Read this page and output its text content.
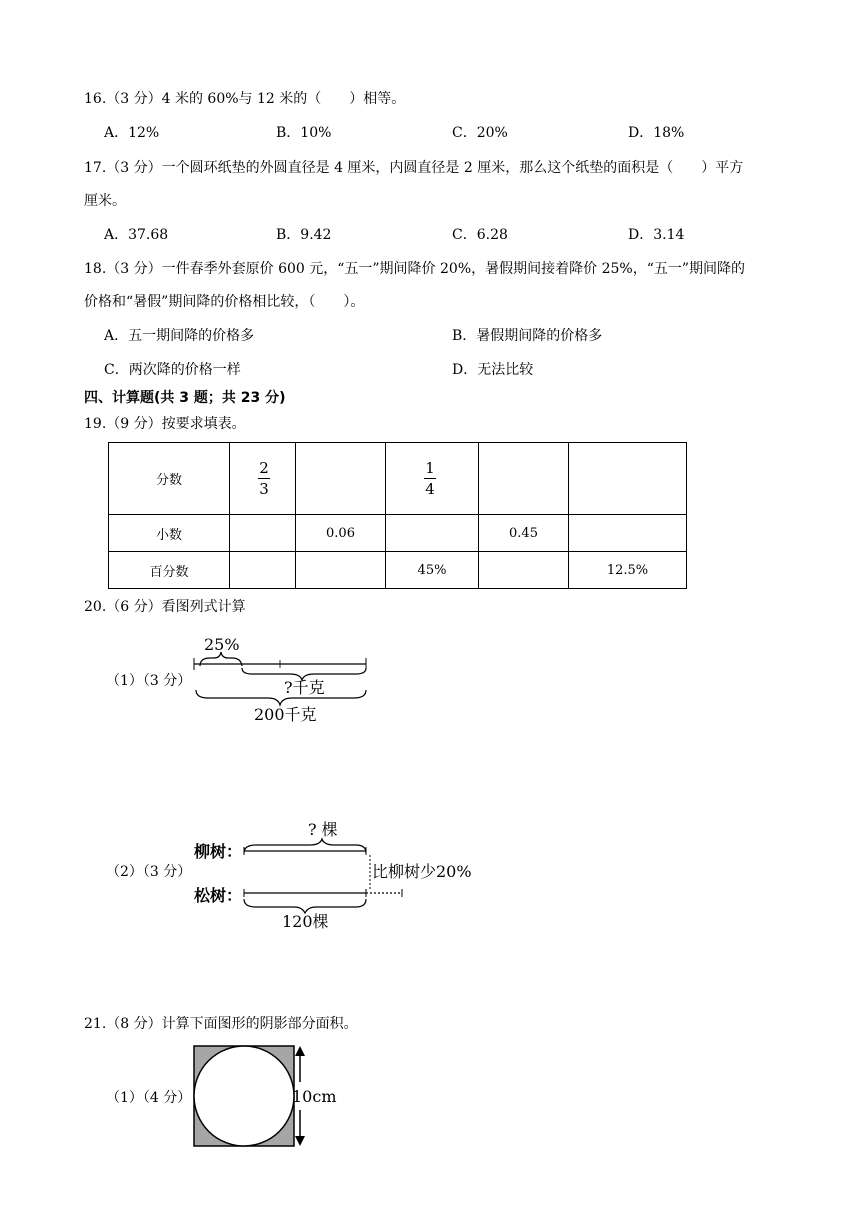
16.（3 分）4 米的 60%与 12 米的（　　）相等。
A．12%	B．10%	C．20%	D．18%
17.（3 分）一个圆环纸垫的外圆直径是 4 厘米，内圆直径是 2 厘米，那么这个纸垫的面积是（　　）平方
厘米。
A．37.68	B．9.42	C．6.28	D．3.14
18.（3 分）一件春季外套原价 600 元，“五一”期间降价 20%，暑假期间接着降价 25%，“五一”期间降的
价格和“暑假”期间降的价格相比较，（　　）。
A．五一期间降的价格多	B．暑假期间降的价格多
C．两次降的价格一样	D．无法比较
四、计算题(共 3 题；共 23 分)
19.（9 分）按要求填表。
分数	$\frac{2}{3}$		$\frac{1}{4}$

小数		0.06		0.45	
百分数			45%		12.5%
20.（6 分）看图列式计算
（1）（3 分）
25%
?千克
200千克
（2）（3 分）
? 棵
柳树：
松树：
比柳树少20%
120棵
21.（8 分）计算下面图形的阴影部分面积。
（1）（4 分）	10cm
